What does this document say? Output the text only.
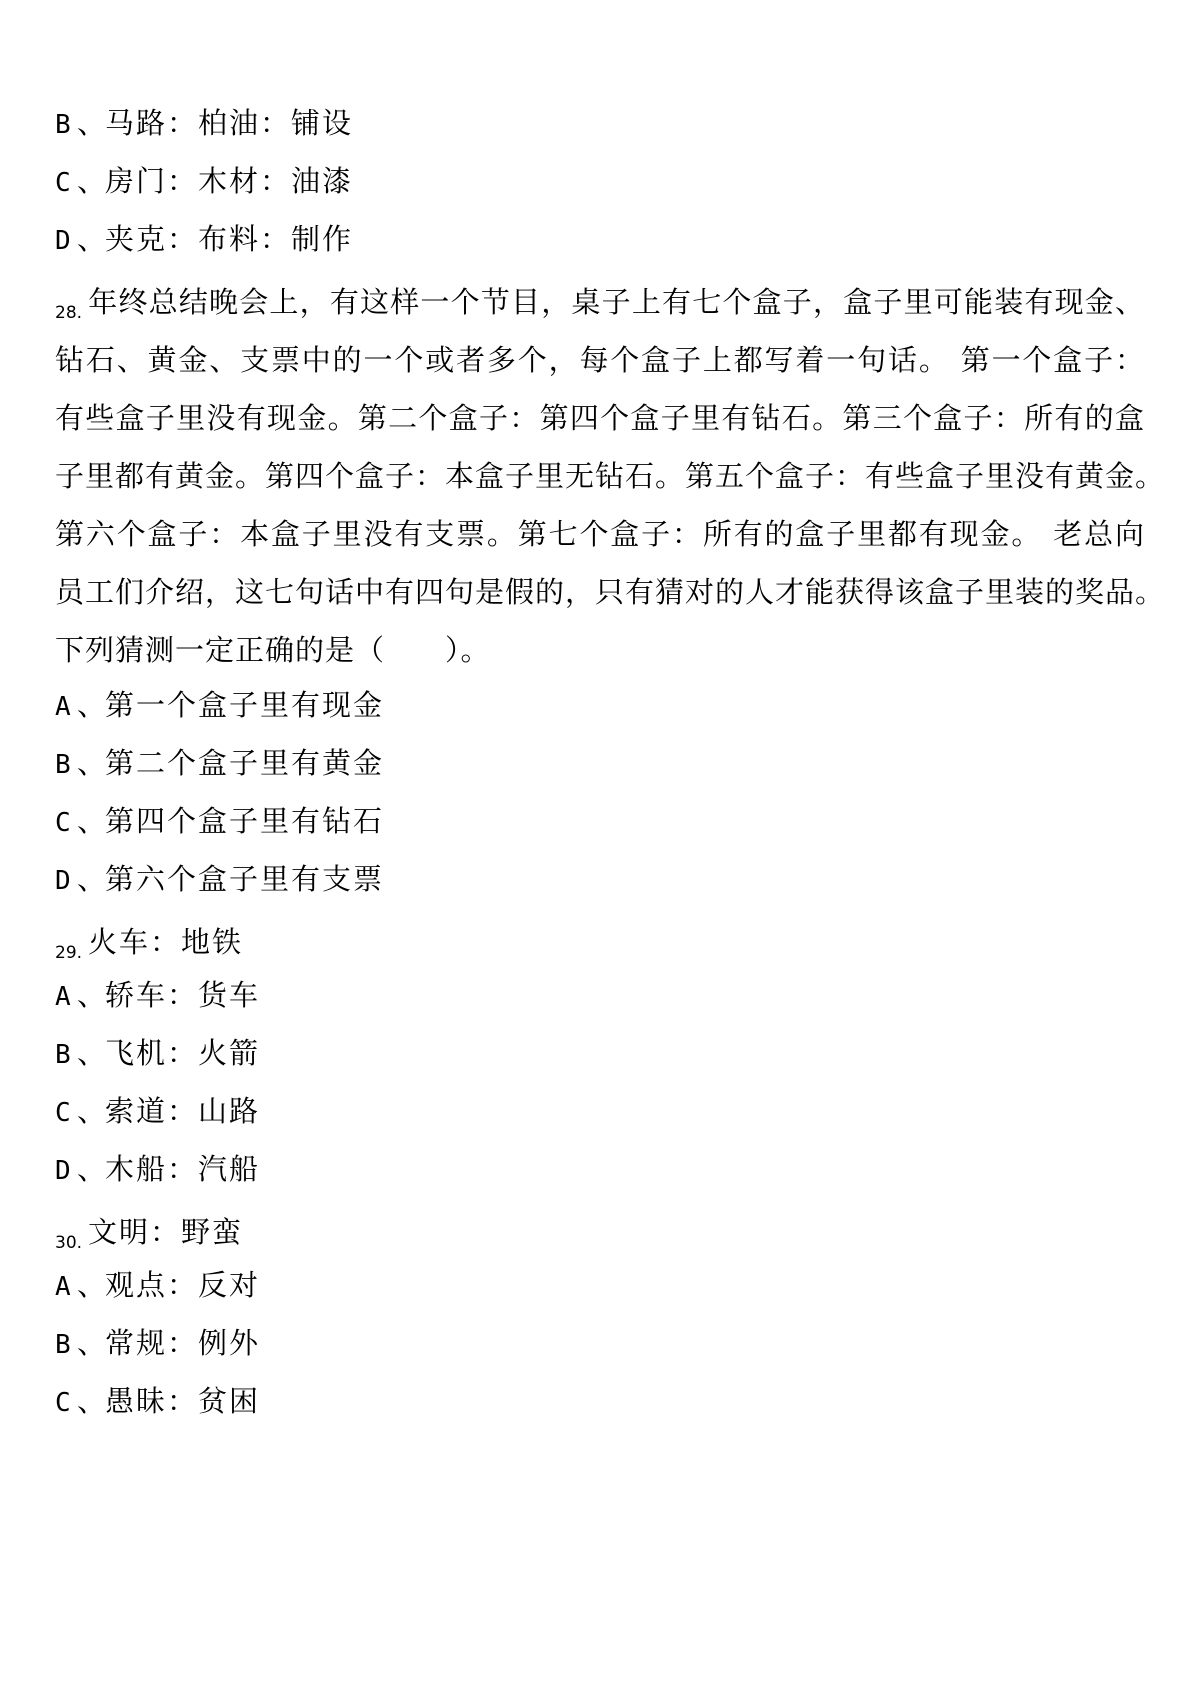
B 、马路：柏油：铺设
C 、房门：木材：油漆
D 、夹克：布料：制作
$_{28.}$ 年终总结晚会上，有这样一个节目，桌子上有七个盒子，盒子里可能装有现金、
钻石、黄金、支票中的一个或者多个，每个盒子上都写着一句话。 第一个盒子：
有些盒子里没有现金。第二个盒子：第四个盒子里有钻石。第三个盒子：所有的盒
子里都有黄金。第四个盒子：本盒子里无钻石。第五个盒子：有些盒子里没有黄金。
第六个盒子：本盒子里没有支票。第七个盒子：所有的盒子里都有现金。 老总向
员工们介绍，这七句话中有四句是假的，只有猜对的人才能获得该盒子里装的奖品。
下列猜测一定正确的是（　　）。
A 、第一个盒子里有现金
B 、第二个盒子里有黄金
C 、第四个盒子里有钻石
D 、第六个盒子里有支票
$_{29.}$ 火车：地铁
A 、轿车：货车
B 、飞机：火箭
C 、索道：山路
D 、木船：汽船
$_{30.}$ 文明：野蛮
A 、观点：反对
B 、常规：例外
C 、愚昧：贫困
